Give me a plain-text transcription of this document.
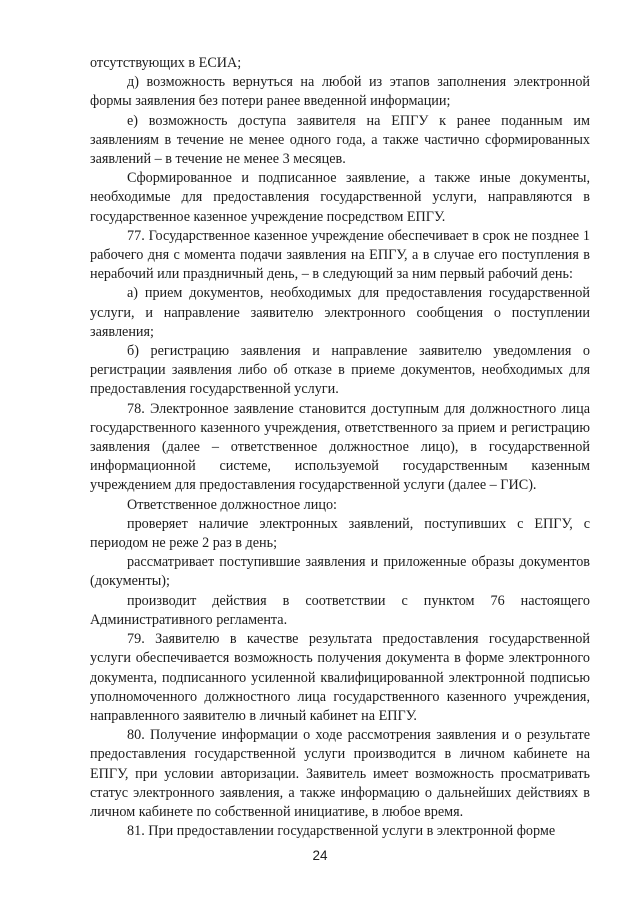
отсутствующих в ЕСИА;

д) возможность вернуться на любой из этапов заполнения электронной формы заявления без потери ранее введенной информации;

е) возможность доступа заявителя на ЕПГУ к ранее поданным им заявлениям в течение не менее одного года, а также частично сформированных заявлений – в течение не менее 3 месяцев.

Сформированное и подписанное заявление, а также иные документы, необходимые для предоставления государственной услуги, направляются в государственное казенное учреждение посредством ЕПГУ.

77. Государственное казенное учреждение обеспечивает в срок не позднее 1 рабочего дня с момента подачи заявления на ЕПГУ, а в случае его поступления в нерабочий или праздничный день, – в следующий за ним первый рабочий день:

а) прием документов, необходимых для предоставления государственной услуги, и направление заявителю электронного сообщения о поступлении заявления;

б) регистрацию заявления и направление заявителю уведомления о регистрации заявления либо об отказе в приеме документов, необходимых для предоставления государственной услуги.

78. Электронное заявление становится доступным для должностного лица государственного казенного учреждения, ответственного за прием и регистрацию заявления (далее – ответственное должностное лицо), в государственной информационной системе, используемой государственным казенным учреждением для предоставления государственной услуги (далее – ГИС).

Ответственное должностное лицо:

проверяет наличие электронных заявлений, поступивших с ЕПГУ, с периодом не реже 2 раз в день;

рассматривает поступившие заявления и приложенные образы документов (документы);

производит действия в соответствии с пунктом 76 настоящего Административного регламента.

79. Заявителю в качестве результата предоставления государственной услуги обеспечивается возможность получения документа в форме электронного документа, подписанного усиленной квалифицированной электронной подписью уполномоченного должностного лица государственного казенного учреждения, направленного заявителю в личный кабинет на ЕПГУ.

80. Получение информации о ходе рассмотрения заявления и о результате предоставления государственной услуги производится в личном кабинете на ЕПГУ, при условии авторизации. Заявитель имеет возможность просматривать статус электронного заявления, а также информацию о дальнейших действиях в личном кабинете по собственной инициативе, в любое время.

81. При предоставлении государственной услуги в электронной форме

24
